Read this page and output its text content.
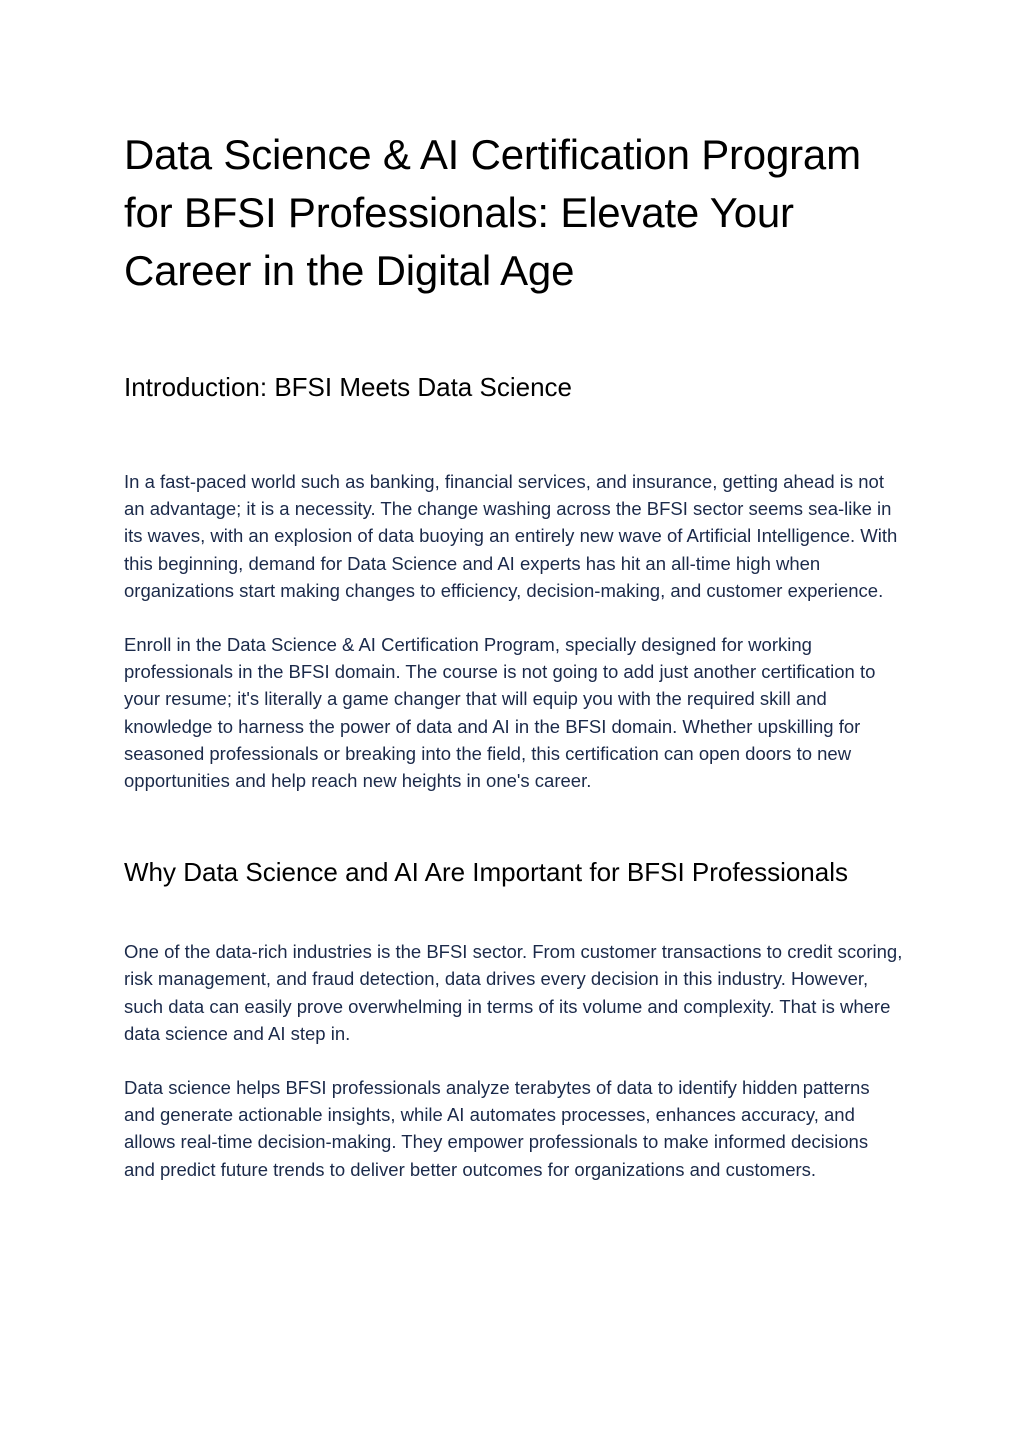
Data Science & AI Certification Program for BFSI Professionals: Elevate Your Career in the Digital Age
Introduction: BFSI Meets Data Science

In a fast-paced world such as banking, financial services, and insurance, getting ahead is not an advantage; it is a necessity. The change washing across the BFSI sector seems sea-like in its waves, with an explosion of data buoying an entirely new wave of Artificial Intelligence. With this beginning, demand for Data Science and AI experts has hit an all-time high when organizations start making changes to efficiency, decision-making, and customer experience.

Enroll in the Data Science & AI Certification Program, specially designed for working professionals in the BFSI domain. The course is not going to add just another certification to your resume; it's literally a game changer that will equip you with the required skill and knowledge to harness the power of data and AI in the BFSI domain. Whether upskilling for seasoned professionals or breaking into the field, this certification can open doors to new opportunities and help reach new heights in one's career.

Why Data Science and AI Are Important for BFSI Professionals

One of the data-rich industries is the BFSI sector. From customer transactions to credit scoring, risk management, and fraud detection, data drives every decision in this industry. However, such data can easily prove overwhelming in terms of its volume and complexity. That is where data science and AI step in.

Data science helps BFSI professionals analyze terabytes of data to identify hidden patterns and generate actionable insights, while AI automates processes, enhances accuracy, and allows real-time decision-making. They empower professionals to make informed decisions and predict future trends to deliver better outcomes for organizations and customers.
